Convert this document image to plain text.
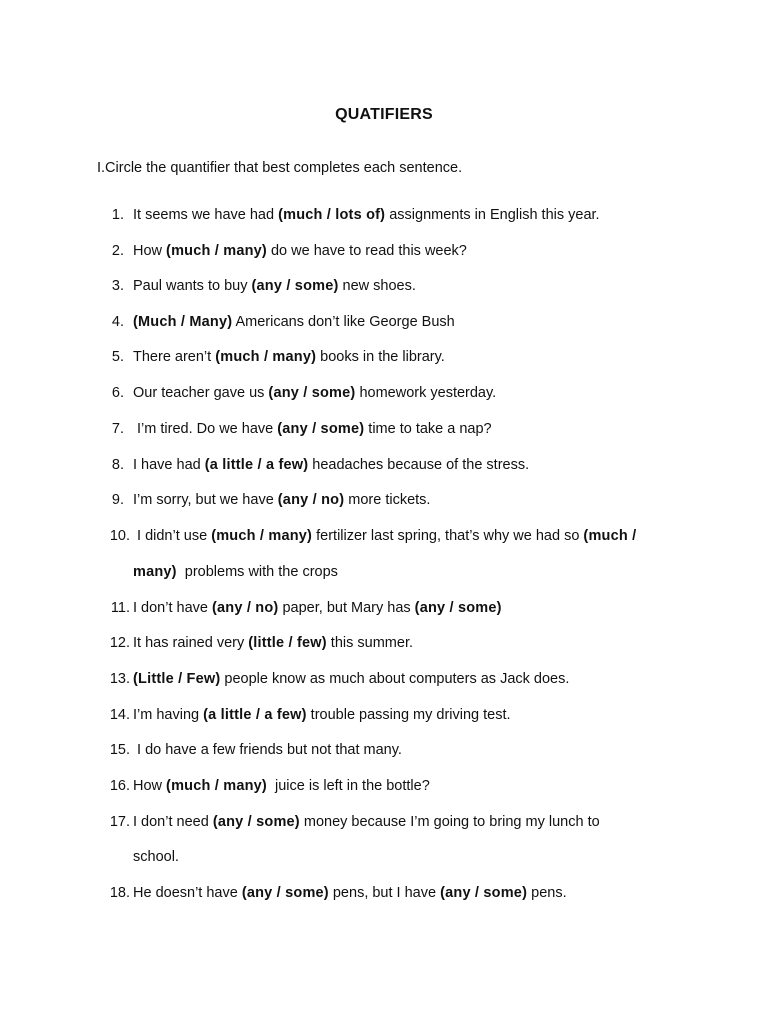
QUATIFIERS
I.Circle the quantifier that best completes each sentence.
1. It seems we have had (much / lots of) assignments in English this year.
2. How (much / many) do we have to read this week?
3. Paul wants to buy (any / some) new shoes.
4. (Much / Many) Americans don’t like George Bush
5. There aren’t (much / many) books in the library.
6. Our teacher gave us (any / some) homework yesterday.
7. I’m tired. Do we have (any / some) time to take a nap?
8. I have had (a little / a few) headaches because of the stress.
9. I’m sorry, but we have (any / no) more tickets.
10. I didn’t use (much / many) fertilizer last spring, that’s why we had so (much /
many)  problems with the crops
11. I don’t have (any / no) paper, but Mary has (any / some)
12. It has rained very (little / few) this summer.
13. (Little / Few) people know as much about computers as Jack does.
14. I’m having (a little / a few) trouble passing my driving test.
15. I do have a few friends but not that many.
16. How (much / many)  juice is left in the bottle?
17. I don’t need (any / some) money because I’m going to bring my lunch to
school.
18. He doesn’t have (any / some) pens, but I have (any / some) pens.
